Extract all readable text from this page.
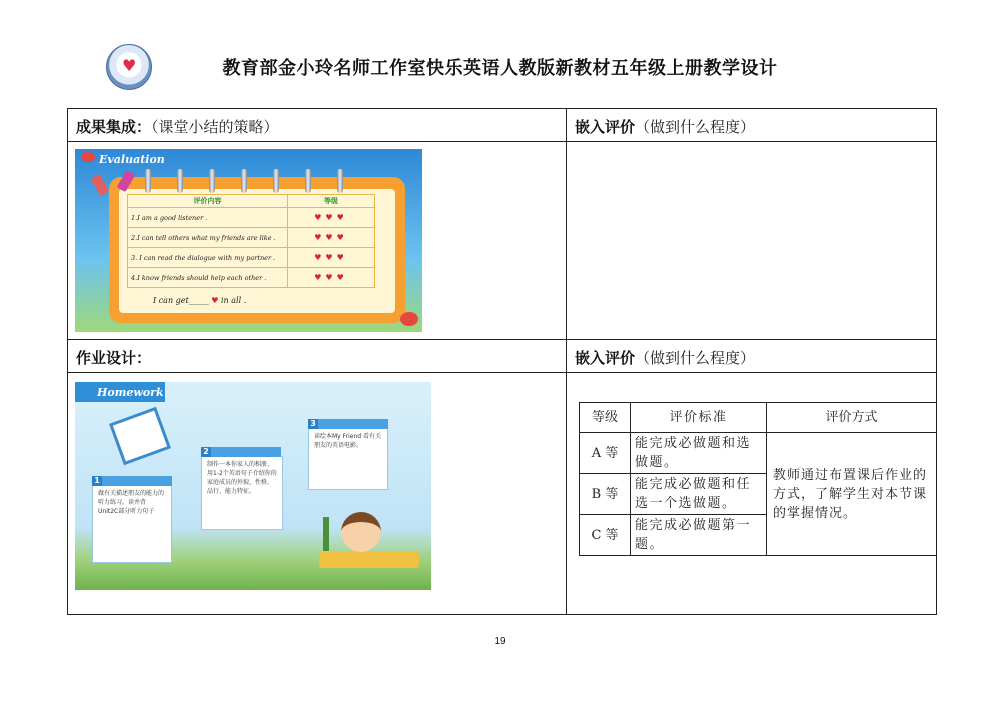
♥	教育部金小玲名师工作室快乐英语人教版新教材五年级上册教学设计
成果集成：（课堂小结的策略）	嵌入评价（做到什么程度）

作业设计：	嵌入评价（做到什么程度）

Evaluation
评价内容	等级
1.I am a good listener .	♥♥♥
2.I can tell others what my friends are like .	♥♥♥
3. I can read the dialogue with my partner .	♥♥♥
4.I know friends should help each other .	♥♥♥
I can get_____ ♥ in all .
Homework
1
做有关描述朋友的能力的听力练习。读并背Unit2C部分听力句子
2
制作一本你家人的相册，用1-2个英语句子介绍你的家庭成员的外貌、性格、品行、能力特征。
3
读绘本My Friend 看有关朋友的英语电影。
等级	评价标准	评价方式
A 等	能完成必做题和选做题。	教师通过布置课后作业的方式，了解学生对本节课的掌握情况。
B 等	能完成必做题和任选一个选做题。	
C 等	能完成必做题第一题。	
19
